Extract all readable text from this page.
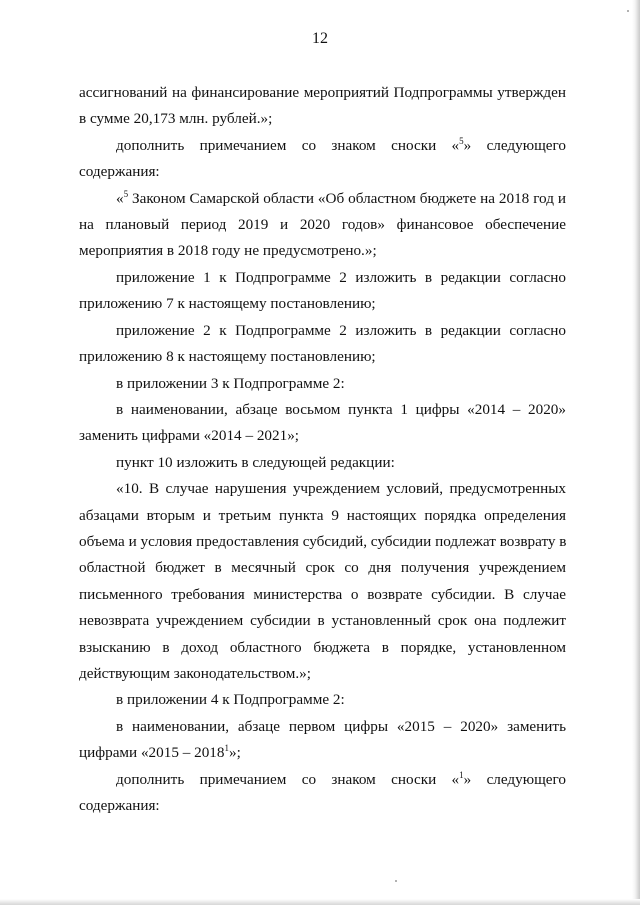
12
ассигнований на финансирование мероприятий Подпрограммы утвержден
в сумме 20,173 млн. рублей.»;
дополнить примечанием со знаком сноски «$^5$» следующего
содержания:
«$^5$ Законом Самарской области «Об областном бюджете на 2018 год и
на плановый период 2019 и 2020 годов» финансовое обеспечение
мероприятия в 2018 году не предусмотрено.»;
приложение 1 к Подпрограмме 2 изложить в редакции согласно
приложению 7 к настоящему постановлению;
приложение 2 к Подпрограмме 2 изложить в редакции согласно
приложению 8 к настоящему постановлению;
в приложении 3 к Подпрограмме 2:
в наименовании, абзаце восьмом пункта 1 цифры «2014 – 2020»
заменить цифрами «2014 – 2021»;
пункт 10 изложить в следующей редакции:
«10. В случае нарушения учреждением условий, предусмотренных
абзацами вторым и третьим пункта 9 настоящих порядка определения
объема и условия предоставления субсидий, субсидии подлежат возврату в
областной бюджет в месячный срок со дня получения учреждением
письменного требования министерства о возврате субсидии. В случае
невозврата учреждением субсидии в установленный срок она подлежит
взысканию в доход областного бюджета в порядке, установленном
действующим законодательством.»;
в приложении 4 к Подпрограмме 2:
в наименовании, абзаце первом цифры «2015 – 2020» заменить
цифрами «2015 – 2018$^1$»;
дополнить примечанием со знаком сноски «$^1$» следующего
содержания:
